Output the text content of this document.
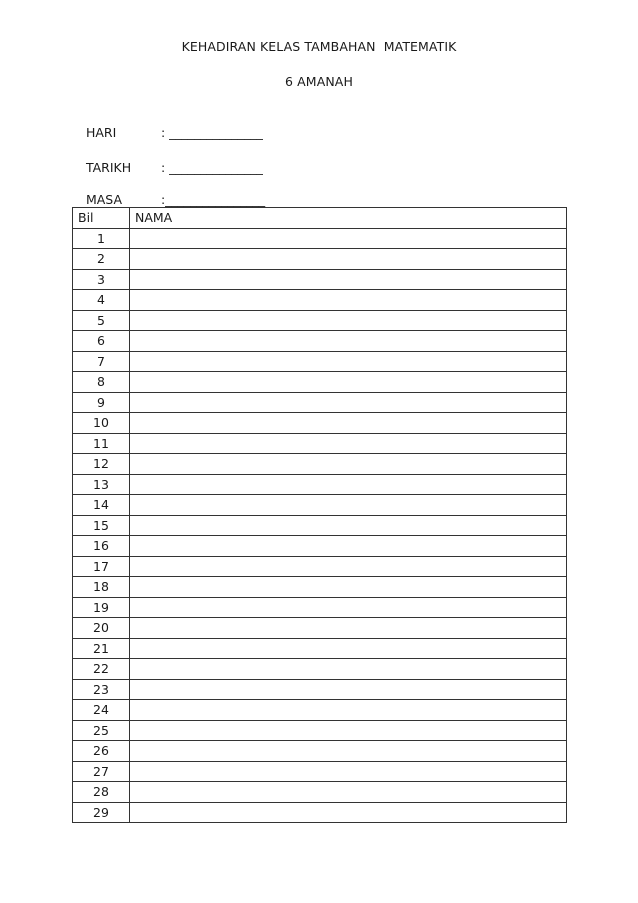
KEHADIRAN KELAS TAMBAHAN  MATEMATIK
6 AMANAH

HARI	: _______________

TARIKH : _______________

MASA	:________________

Bil	NAMA
1	
2	
3	
4	
5	
6	
7	
8	
9	
10	
11	
12	
13	
14	
15	
16	
17	
18	
19	
20	
21	
22	
23	
24	
25	
26	
27	
28	
29	
